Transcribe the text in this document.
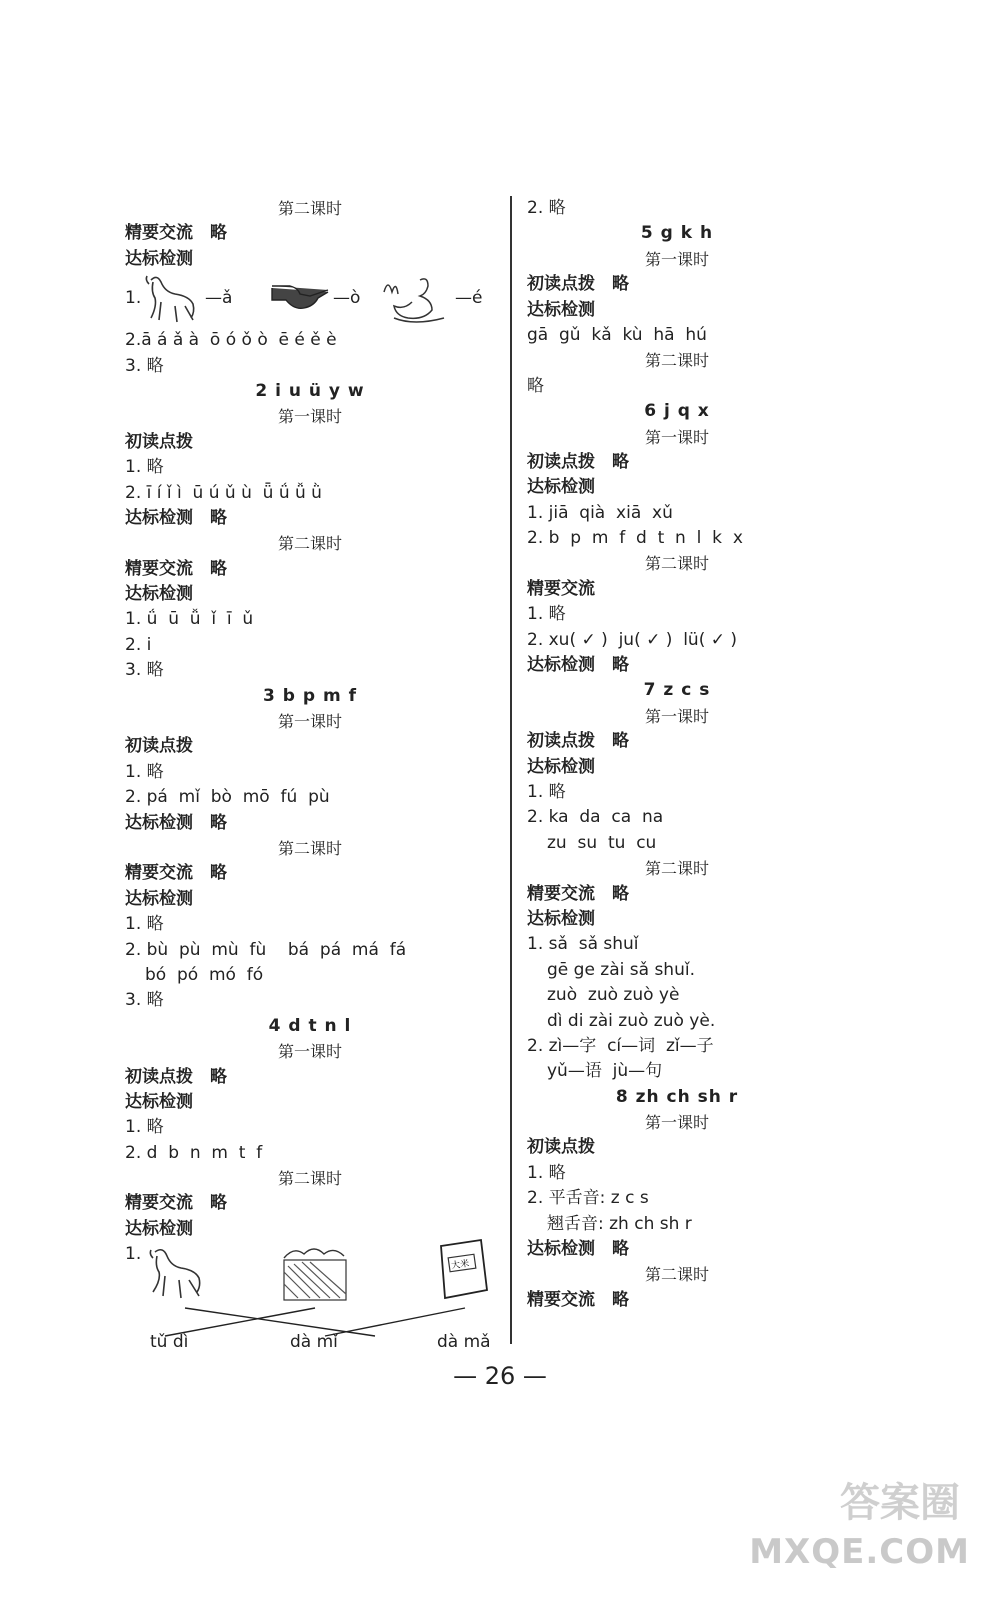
第二课时
精要交流　略
达标检测
1.	—ǎ	—ò	—é
2.ā á ǎ à  ō ó ǒ ò  ē é ě è
3. 略
2 i u ü y w
第一课时
初读点拨
1. 略
2. ī í ǐ ì  ū ú ǔ ù  ǖ ǘ ǚ ǜ
达标检测　略
第二课时
精要交流　略
达标检测
1. ǘ  ū  ǚ  ǐ  ī  ǔ
2. i
3. 略
3 b p m f
第一课时
初读点拨
1. 略
2. pá  mǐ  bò  mō  fú  pù
达标检测　略
第二课时
精要交流　略
达标检测
1. 略
2. bù  pù  mù  fù    bá  pá  má  fá
bó  pó  mó  fó
3. 略
4 d t n l
第一课时
初读点拨　略
达标检测
1. 略
2. d  b  n  m  t  f
第二课时
精要交流　略
达标检测
1.
大米
tǔ dì	dà mǐ	dà mǎ
2. 略
5 g k h
第一课时
初读点拨　略
达标检测
gā  gǔ  kǎ  kù  hā  hú
第二课时
略
6 j q x
第一课时
初读点拨　略
达标检测
1. jiā  qià  xiā  xǔ
2. b  p  m  f  d  t  n  l  k  x
第二课时
精要交流
1. 略
2. xu( ✓ )  ju( ✓ )  lü( ✓ )
达标检测　略
7 z c s
第一课时
初读点拨　略
达标检测
1. 略
2. ka  da  ca  na
zu  su  tu  cu
第二课时
精要交流　略
达标检测
1. sǎ  sǎ shuǐ
gē ge zài sǎ shuǐ.
zuò  zuò zuò yè
dì di zài zuò zuò yè.
2. zì—字  cí—词  zǐ—子
yǔ—语  jù—句
8 zh ch sh r
第一课时
初读点拨
1. 略
2. 平舌音: z c s
翘舌音: zh ch sh r
达标检测　略
第二课时
精要交流　略
— 26 —
答案圈
MXQE.COM
